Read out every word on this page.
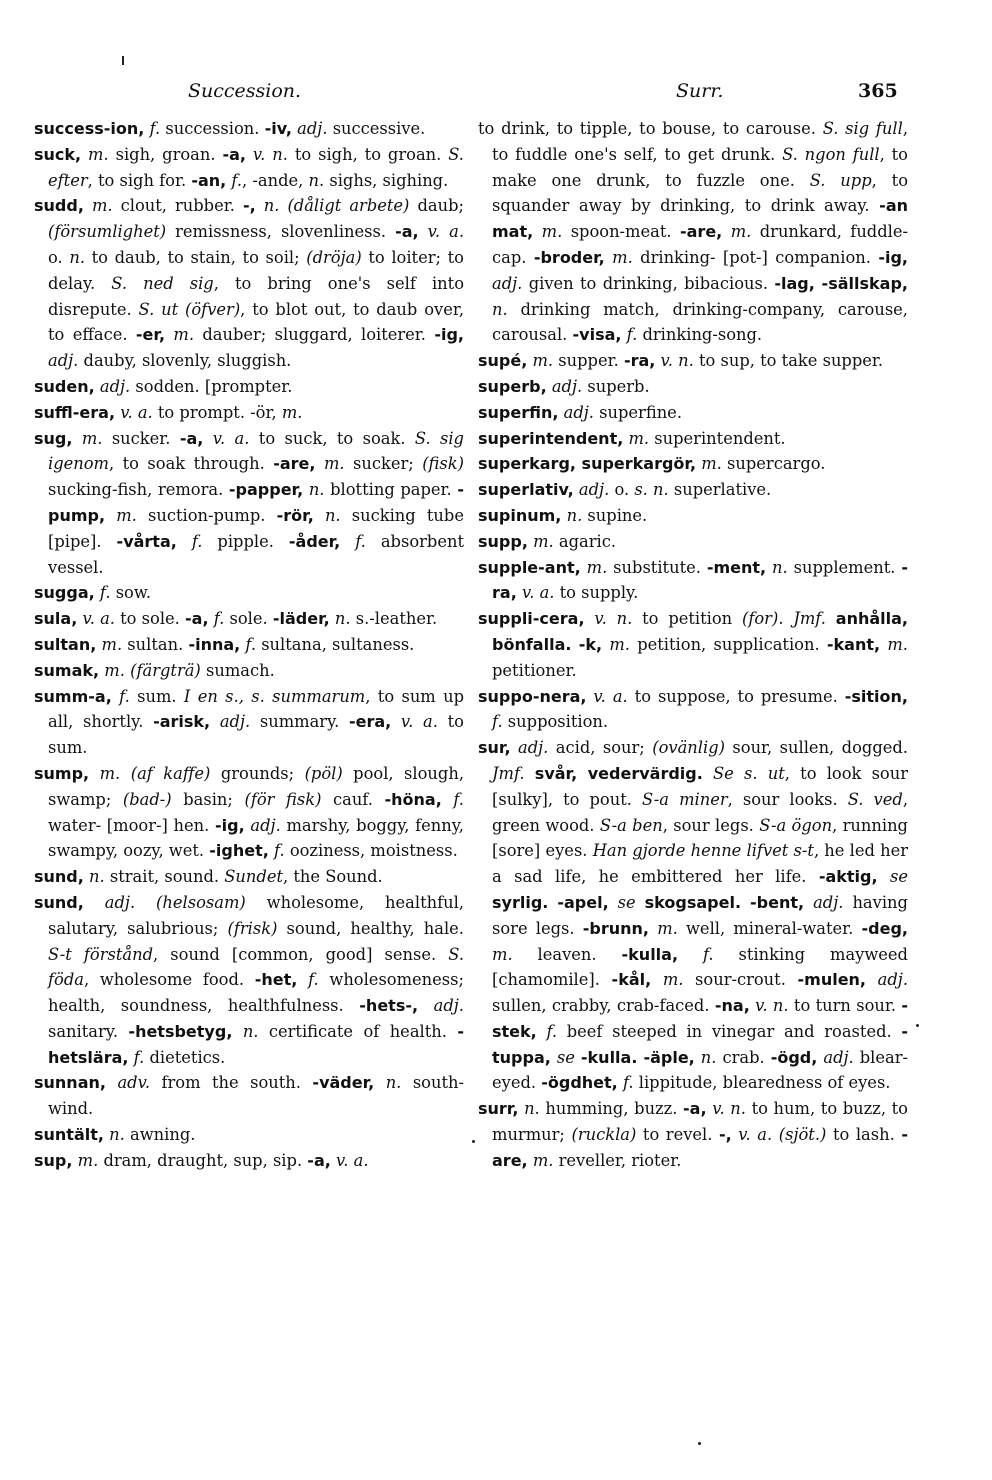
Succession.	Surr.	365

success-ion, f. succession. -iv, adj. successive.

suck, m. sigh, groan. -a, v. n. to sigh, to groan. S. efter, to sigh for. -an, f., -ande, n. sighs, sighing.

sudd, m. clout, rubber. -, n. (dåligt arbete) daub; (försumlighet) remissness, slovenliness. -a, v. a. o. n. to daub, to stain, to soil; (dröja) to loiter; to delay. S. ned sig, to bring one's self into disrepute. S. ut (öfver), to blot out, to daub over, to efface. -er, m. dauber; sluggard, loiterer. -ig, adj. dauby, slovenly, sluggish.

suden, adj. sodden. [prompter.

suffl-era, v. a. to prompt. -ör, m.

sug, m. sucker. -a, v. a. to suck, to soak. S. sig igenom, to soak through. -are, m. sucker; (fisk) sucking-fish, remora. -papper, n. blotting paper. -pump, m. suction-pump. -rör, n. sucking tube [pipe]. -vårta, f. pipple. -åder, f. absorbent vessel.

sugga, f. sow.

sula, v. a. to sole. -a, f. sole. -läder, n. s.-leather.

sultan, m. sultan. -inna, f. sultana, sultaness.

sumak, m. (färgträ) sumach.

summ-a, f. sum. I en s., s. summarum, to sum up all, shortly. -arisk, adj. summary. -era, v. a. to sum.

sump, m. (af kaffe) grounds; (pöl) pool, slough, swamp; (bad-) basin; (för fisk) cauf. -höna, f. water- [moor-] hen. -ig, adj. marshy, boggy, fenny, swampy, oozy, wet. -ighet, f. ooziness, moistness.

sund, n. strait, sound. Sundet, the Sound.

sund, adj. (helsosam) wholesome, healthful, salutary, salubrious; (frisk) sound, healthy, hale. S-t förstånd, sound [common, good] sense. S. föda, wholesome food. -het, f. wholesomeness; health, soundness, healthfulness. -hets-, adj. sanitary. -hetsbetyg, n. certificate of health. -hetslära, f. dietetics.

sunnan, adv. from the south. -väder, n. south-wind.

suntält, n. awning.

sup, m. dram, draught, sup, sip. -a, v. a.

to drink, to tipple, to bouse, to carouse. S. sig full, to fuddle one's self, to get drunk. S. ngon full, to make one drunk, to fuzzle one. S. upp, to squander away by drinking, to drink away. -an mat, m. spoon-meat. -are, m. drunkard, fuddle-cap. -broder, m. drinking- [pot-] companion. -ig, adj. given to drinking, bibacious. -lag, -sällskap, n. drinking match, drinking-company, carouse, carousal. -visa, f. drinking-song.

supé, m. supper. -ra, v. n. to sup, to take supper.

superb, adj. superb.

superfin, adj. superfine.

superintendent, m. superintendent.

superkarg, superkargör, m. supercargo.

superlativ, adj. o. s. n. superlative.

supinum, n. supine.

supp, m. agaric.

supple-ant, m. substitute. -ment, n. supplement. -ra, v. a. to supply.

suppli-cera, v. n. to petition (for). Jmf. anhålla, bönfalla. -k, m. petition, supplication. -kant, m. petitioner.

suppo-nera, v. a. to suppose, to presume. -sition, f. supposition.

sur, adj. acid, sour; (ovänlig) sour, sullen, dogged. Jmf. svår, vedervärdig. Se s. ut, to look sour [sulky], to pout. S-a miner, sour looks. S. ved, green wood. S-a ben, sour legs. S-a ögon, running [sore] eyes. Han gjorde henne lifvet s-t, he led her a sad life, he embittered her life. -aktig, se syrlig. -apel, se skogsapel. -bent, adj. having sore legs. -brunn, m. well, mineral-water. -deg, m. leaven. -kulla, f. stinking mayweed [chamomile]. -kål, m. sour-crout. -mulen, adj. sullen, crabby, crab-faced. -na, v. n. to turn sour. -stek, f. beef steeped in vinegar and roasted. -tuppa, se -kulla. -äple, n. crab. -ögd, adj. blear-eyed. -ögdhet, f. lippitude, blearedness of eyes.

surr, n. humming, buzz. -a, v. n. to hum, to buzz, to murmur; (ruckla) to revel. -, v. a. (sjöt.) to lash. -are, m. reveller, rioter.
